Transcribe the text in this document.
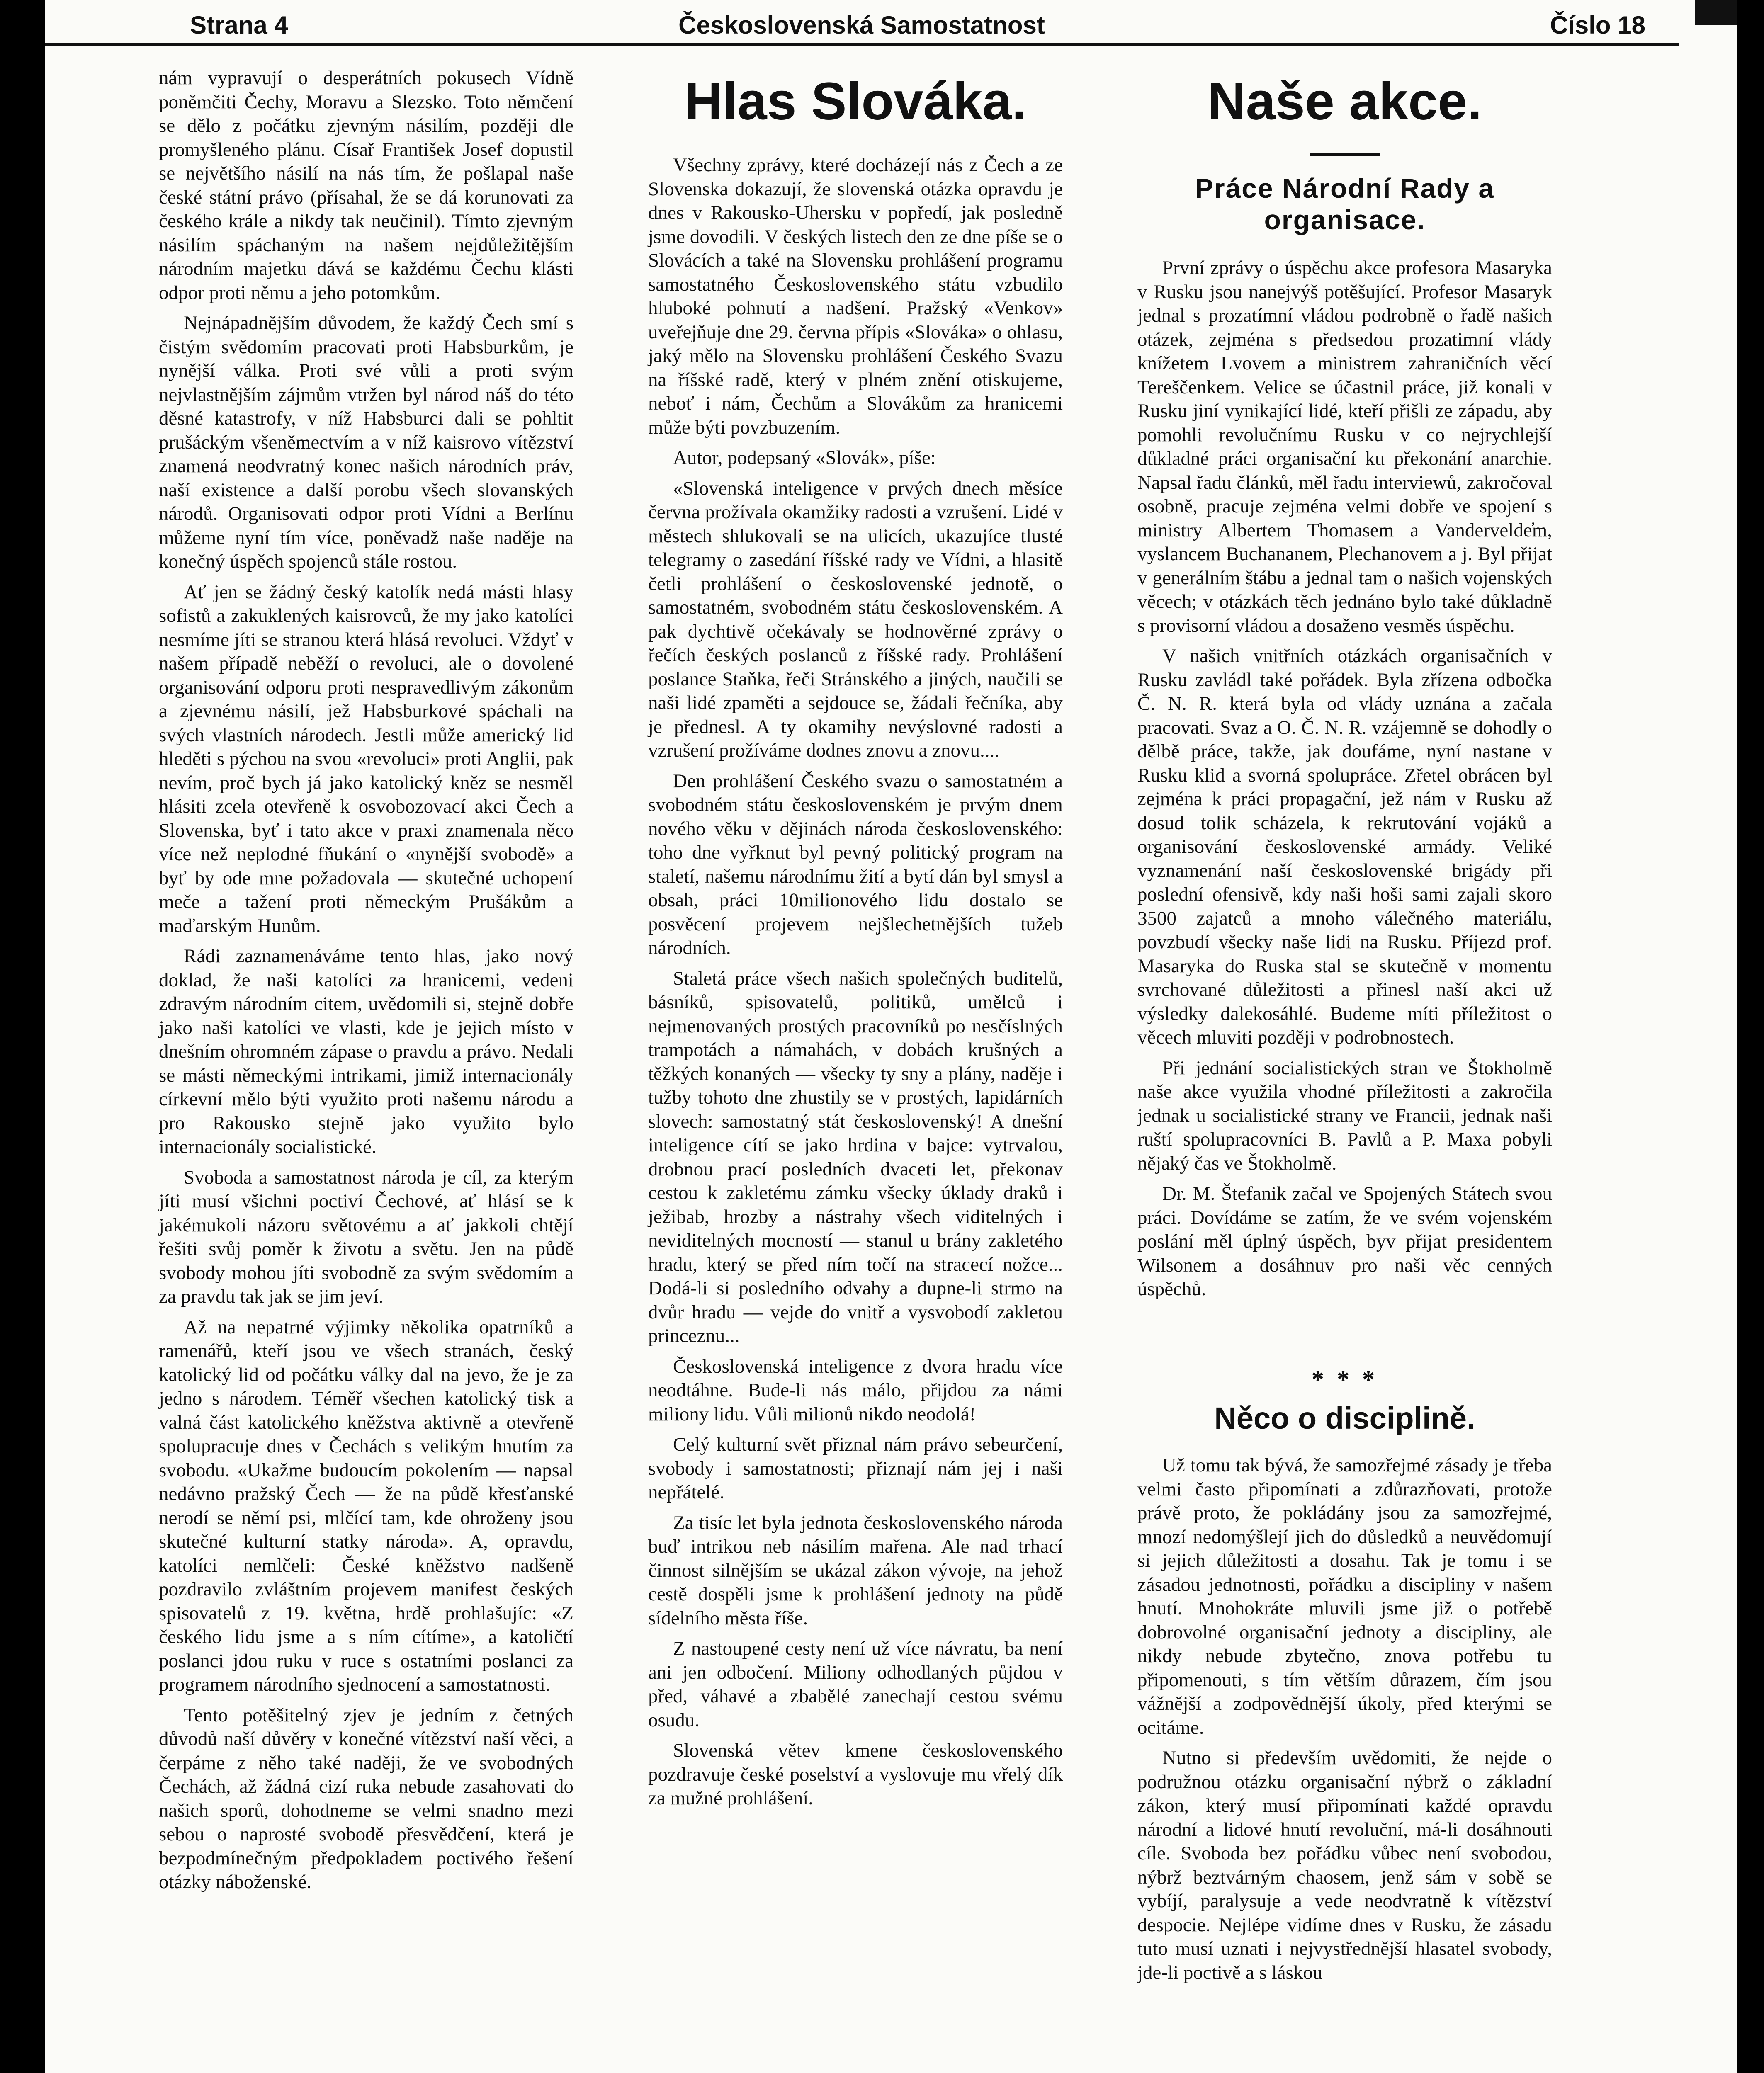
Strana 4	Československá Samostatnost	Číslo 18

nám vypravují o desperátních pokusech Vídně poněmčiti Čechy, Moravu a Slezsko. Toto němčení se dělo z počátku zjevným násilím, později dle promyšleného plánu. Císař František Josef dopustil se největšího násilí na nás tím, že pošlapal naše české státní právo (přísahal, že se dá korunovati za českého krále a nikdy tak neučinil). Tímto zjevným násilím spáchaným na našem nejdůležitějším národním majetku dává se každému Čechu klásti odpor proti němu a jeho potomkům.

Nejnápadnějším důvodem, že každý Čech smí s čistým svědomím pracovati proti Habsburkům, je nynější válka. Proti své vůli a proti svým nejvlastnějším zájmům vtržen byl národ náš do této děsné katastrofy, v níž Habsburci dali se pohltit prušáckým všeněmectvím a v níž kaisrovo vítězství znamená neodvratný konec našich národních práv, naší existence a další porobu všech slovanských národů. Organisovati odpor proti Vídni a Berlínu můžeme nyní tím více, poněvadž naše naděje na konečný úspěch spojenců stále rostou.

Ať jen se žádný český katolík nedá másti hlasy sofistů a zakuklených kaisrovců, že my jako katolíci nesmíme jíti se stranou která hlásá revoluci. Vždyť v našem případě neběží o revoluci, ale o dovolené organisování odporu proti nespravedlivým zákonům a zjevnému násilí, jež Habsburkové spáchali na svých vlastních národech. Jestli může americký lid hleděti s pýchou na svou «revoluci» proti Anglii, pak nevím, proč bych já jako katolický kněz se nesměl hlásiti zcela otevřeně k osvobozovací akci Čech a Slovenska, byť i tato akce v praxi znamenala něco více než neplodné fňukání o «nynější svobodě» a byť by ode mne požadovala — skutečné uchopení meče a tažení proti německým Prušákům a maďarským Hunům.

Rádi zaznamenáváme tento hlas, jako nový doklad, že naši katolíci za hranicemi, vedeni zdravým národním citem, uvědomili si, stejně dobře jako naši katolíci ve vlasti, kde je jejich místo v dnešním ohromném zápase o pravdu a právo. Nedali se másti německými intrikami, jimiž internacionály církevní mělo býti využito proti našemu národu a pro Rakousko stejně jako využito bylo internacionály socialistické.

Svoboda a samostatnost národa je cíl, za kterým jíti musí všichni poctiví Čechové, ať hlásí se k jakémukoli názoru světovému a ať jakkoli chtějí řešiti svůj poměr k životu a světu. Jen na půdě svobody mohou jíti svobodně za svým svědomím a za pravdu tak jak se jim jeví.

Až na nepatrné výjimky několika opatrníků a ramenářů, kteří jsou ve všech stranách, český katolický lid od počátku války dal na jevo, že je za jedno s národem. Téměř všechen katolický tisk a valná část katolického kněžstva aktivně a otevřeně spolupracuje dnes v Čechách s velikým hnutím za svobodu. «Ukažme budoucím pokolením — napsal nedávno pražský Čech — že na půdě křesťanské nerodí se němí psi, mlčící tam, kde ohroženy jsou skutečné kulturní statky národa». A, opravdu, katolíci nemlčeli: České kněžstvo nadšeně pozdravilo zvláštním projevem manifest českých spisovatelů z 19. května, hrdě prohlašujíc: «Z českého lidu jsme a s ním cítíme», a katoličtí poslanci jdou ruku v ruce s ostatními poslanci za programem národního sjednocení a samostatnosti.

Tento potěšitelný zjev je jedním z četných důvodů naší důvěry v konečné vítězství naší věci, a čerpáme z něho také naději, že ve svobodných Čechách, až žádná cizí ruka nebude zasahovati do našich sporů, dohodneme se velmi snadno mezi sebou o naprosté svobodě přesvědčení, která je bezpodmínečným předpokladem poctivého řešení otázky náboženské.

Hlas Slováka.

Všechny zprávy, které docházejí nás z Čech a ze Slovenska dokazují, že slovenská otázka opravdu je dnes v Rakousko-Uhersku v popředí, jak posledně jsme dovodili. V českých listech den ze dne píše se o Slovácích a také na Slovensku prohlášení programu samostatného Československého státu vzbudilo hluboké pohnutí a nadšení. Pražský «Venkov» uveřejňuje dne 29. června přípis «Slováka» o ohlasu, jaký mělo na Slovensku prohlášení Českého Svazu na říšské radě, který v plném znění otiskujeme, neboť i nám, Čechům a Slovákům za hranicemi může býti povzbuzením.

Autor, podepsaný «Slovák», píše:

«Slovenská inteligence v prvých dnech měsíce června prožívala okamžiky radosti a vzrušení. Lidé v městech shlukovali se na ulicích, ukazujíce tlusté telegramy o zasedání říšské rady ve Vídni, a hlasitě četli prohlášení o československé jednotě, o samostatném, svobodném státu československém. A pak dychtivě očekávaly se hodnověrné zprávy o řečích českých poslanců z říšské rady. Prohlášení poslance Staňka, řeči Stránského a jiných, naučili se naši lidé zpaměti a sejdouce se, žádali řečníka, aby je přednesl. A ty okamihy nevýslovné radosti a vzrušení prožíváme dodnes znovu a znovu....

Den prohlášení Českého svazu o samostatném a svobodném státu československém je prvým dnem nového věku v dějinách národa československého: toho dne vyřknut byl pevný politický program na staletí, našemu národnímu žití a bytí dán byl smysl a obsah, práci 10milionového lidu dostalo se posvěcení projevem nejšlechetnějších tužeb národních.

Staletá práce všech našich společných buditelů, básníků, spisovatelů, politiků, umělců i nejmenovaných prostých pracovníků po nesčíslných trampotách a námahách, v dobách krušných a těžkých konaných — všecky ty sny a plány, naděje i tužby tohoto dne zhustily se v prostých, lapidárních slovech: samostatný stát československý! A dnešní inteligence cítí se jako hrdina v bajce: vytrvalou, drobnou prací posledních dvaceti let, překonav cestou k zakletému zámku všecky úklady draků i ježibab, hrozby a nástrahy všech viditelných i neviditelných mocností — stanul u brány zakletého hradu, který se před ním točí na stracecí nožce... Dodá-li si posledního odvahy a dupne-li strmo na dvůr hradu — vejde do vnitř a vysvobodí zakletou princeznu...

Československá inteligence z dvora hradu více neodtáhne. Bude-li nás málo, přijdou za námi miliony lidu. Vůli milionů nikdo neodolá!

Celý kulturní svět přiznal nám právo sebeurčení, svobody i samostatnosti; přiznají nám jej i naši nepřátelé.

Za tisíc let byla jednota československého národa buď intrikou neb násilím mařena. Ale nad trhací činnost silnějším se ukázal zákon vývoje, na jehož cestě dospěli jsme k prohlášení jednoty na půdě sídelního města říše.

Z nastoupené cesty není už více návratu, ba není ani jen odbočení. Miliony odhodlaných půjdou v před, váhavé a zbabělé zanechají cestou svému osudu.

Slovenská větev kmene československého pozdravuje české poselství a vyslovuje mu vřelý dík za mužné prohlášení.

Naše akce.
Práce Národní Rady a organisace.

První zprávy o úspěchu akce profesora Masaryka v Rusku jsou nanejvýš potěšující. Profesor Masaryk jednal s prozatímní vládou podrobně o řadě našich otázek, zejména s předsedou prozatimní vlády knížetem Lvovem a ministrem zahraničních věcí Tereščenkem. Velice se účastnil práce, již konali v Rusku jiní vynikající lidé, kteří přišli ze západu, aby pomohli revolučnímu Rusku v co nejrychlejší důkladné práci organisační ku překonání anarchie. Napsal řadu článků, měl řadu interviewů, zakročoval osobně, pracuje zejména velmi dobře ve spojení s ministry Albertem Thomasem a Vandervelde̕m, vyslancem Buchananem, Plechanovem a j. Byl přijat v generálním štábu a jednal tam o našich vojenských věcech; v otázkách těch jednáno bylo také důkladně s provisorní vládou a dosaženo vesměs úspěchu.

V našich vnitřních otázkách organisačních v Rusku zavládl také pořádek. Byla zřízena odbočka Č. N. R. která byla od vlády uznána a začala pracovati. Svaz a O. Č. N. R. vzájemně se dohodly o dělbě práce, takže, jak doufáme, nyní nastane v Rusku klid a svorná spolupráce. Zřetel obrácen byl zejména k práci propagační, jež nám v Rusku až dosud tolik scházela, k rekrutování vojáků a organisování československé armády. Veliké vyznamenání naší československé brigády při poslední ofensivě, kdy naši hoši sami zajali skoro 3500 zajatců a mnoho válečného materiálu, povzbudí všecky naše lidi na Rusku. Příjezd prof. Masaryka do Ruska stal se skutečně v momentu svrchované důležitosti a přinesl naší akci už výsledky dalekosáhlé. Budeme míti příležitost o věcech mluviti později v podrobnostech.

Při jednání socialistických stran ve Štokholmě naše akce využila vhodné příležitosti a zakročila jednak u socialistické strany ve Francii, jednak naši ruští spolupracovníci B. Pavlů a P. Maxa pobyli nějaký čas ve Štokholmě.

Dr. M. Štefanik začal ve Spojených Státech svou práci. Dovídáme se zatím, že ve svém vojenském poslání měl úplný úspěch, byv přijat presidentem Wilsonem a dosáhnuv pro naši věc cenných úspěchů.

* * *
Něco o disciplině.

Už tomu tak bývá, že samozřejmé zásady je třeba velmi často připomínati a zdůrazňovati, protože právě proto, že pokládány jsou za samozřejmé, mnozí nedomýšlejí jich do důsledků a neuvědomují si jejich důležitosti a dosahu. Tak je tomu i se zásadou jednotnosti, pořádku a discipliny v našem hnutí. Mnohokráte mluvili jsme již o potřebě dobrovolné organisační jednoty a discipliny, ale nikdy nebude zbytečno, znova potřebu tu připomenouti, s tím větším důrazem, čím jsou vážnější a zodpovědnější úkoly, před kterými se ocitáme.

Nutno si především uvědomiti, že nejde o podružnou otázku organisační nýbrž o základní zákon, který musí připomínati každé opravdu národní a lidové hnutí revoluční, má-li dosáhnouti cíle. Svoboda bez pořádku vůbec není svobodou, nýbrž beztvárným chaosem, jenž sám v sobě se vybíjí, paralysuje a vede neodvratně k vítězství despocie. Nejlépe vidíme dnes v Rusku, že zásadu tuto musí uznati i nejvystřednější hlasatel svobody, jde-li poctivě a s láskou
